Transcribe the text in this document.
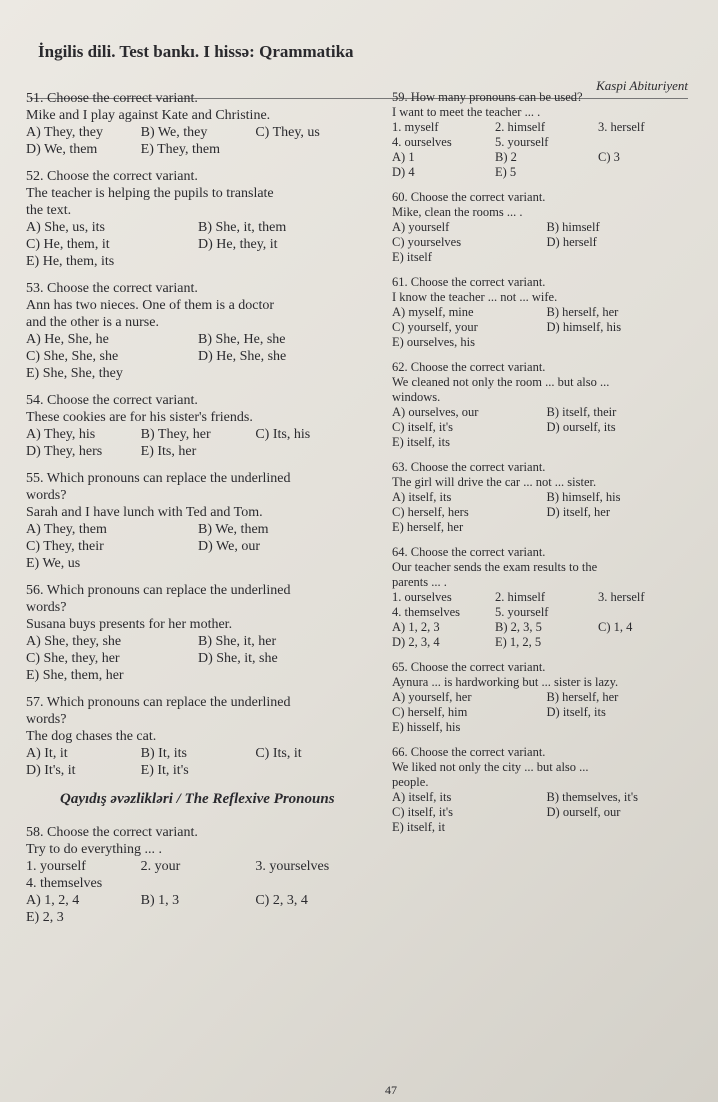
İngilis dili. Test bankı. I hissə: Qrammatika
Kaspi Abituriyent

51. Choose the correct variant.

Mike and I play against Kate and Christine.
A) They, they	B) We, they	C) They, us
D) We, them	E) They, them

52. Choose the correct variant.

The teacher is helping the pupils to translate
the text.
A) She, us, its	B) She, it, them
C) He, them, it	D) He, they, it
E) He, them, its

53. Choose the correct variant.

Ann has two nieces. One of them is a doctor
and the other is a nurse.
A) He, She, he	B) She, He, she
C) She, She, she	D) He, She, she
E) She, She, they

54. Choose the correct variant.

These cookies are for his sister's friends.
A) They, his	B) They, her	C) Its, his
D) They, hers	E) Its, her

55. Which pronouns can replace the underlined

words?
Sarah and I have lunch with Ted and Tom.
A) They, them	B) We, them
C) They, their	D) We, our
E) We, us

56. Which pronouns can replace the underlined

words?
Susana buys presents for her mother.
A) She, they, she	B) She, it, her
C) She, they, her	D) She, it, she
E) She, them, her

57. Which pronouns can replace the underlined

words?
The dog chases the cat.
A) It, it	B) It, its	C) Its, it
D) It's, it	E) It, it's
Qayıdış əvəzlikləri / The Reflexive Pronouns

58. Choose the correct variant.

Try to do everything ... .
1. yourself	2. your	3. yourselves
4. themselves
A) 1, 2, 4	B) 1, 3	C) 2, 3, 4
E) 2, 3

59. How many pronouns can be used?

I want to meet the teacher ... .
1. myself	2. himself	3. herself
4. ourselves	5. yourself
A) 1	B) 2	C) 3
D) 4	E) 5

60. Choose the correct variant.

Mike, clean the rooms ... .
A) yourself	B) himself
C) yourselves	D) herself
E) itself

61. Choose the correct variant.

I know the teacher ... not ... wife.
A) myself, mine	B) herself, her
C) yourself, your	D) himself, his
E) ourselves, his

62. Choose the correct variant.

We cleaned not only the room ... but also ...
windows.
A) ourselves, our	B) itself, their
C) itself, it's	D) ourself, its
E) itself, its

63. Choose the correct variant.

The girl will drive the car ... not ... sister.
A) itself, its	B) himself, his
C) herself, hers	D) itself, her
E) herself, her

64. Choose the correct variant.

Our teacher sends the exam results to the
parents ... .
1. ourselves	2. himself	3. herself
4. themselves	5. yourself
A) 1, 2, 3	B) 2, 3, 5	C) 1, 4
D) 2, 3, 4	E) 1, 2, 5

65. Choose the correct variant.

Aynura ... is hardworking but ... sister is lazy.
A) yourself, her	B) herself, her
C) herself, him	D) itself, its
E) hisself, his

66. Choose the correct variant.

We liked not only the city ... but also ...
people.
A) itself, its	B) themselves, it's
C) itself, it's	D) ourself, our
E) itself, it
47
